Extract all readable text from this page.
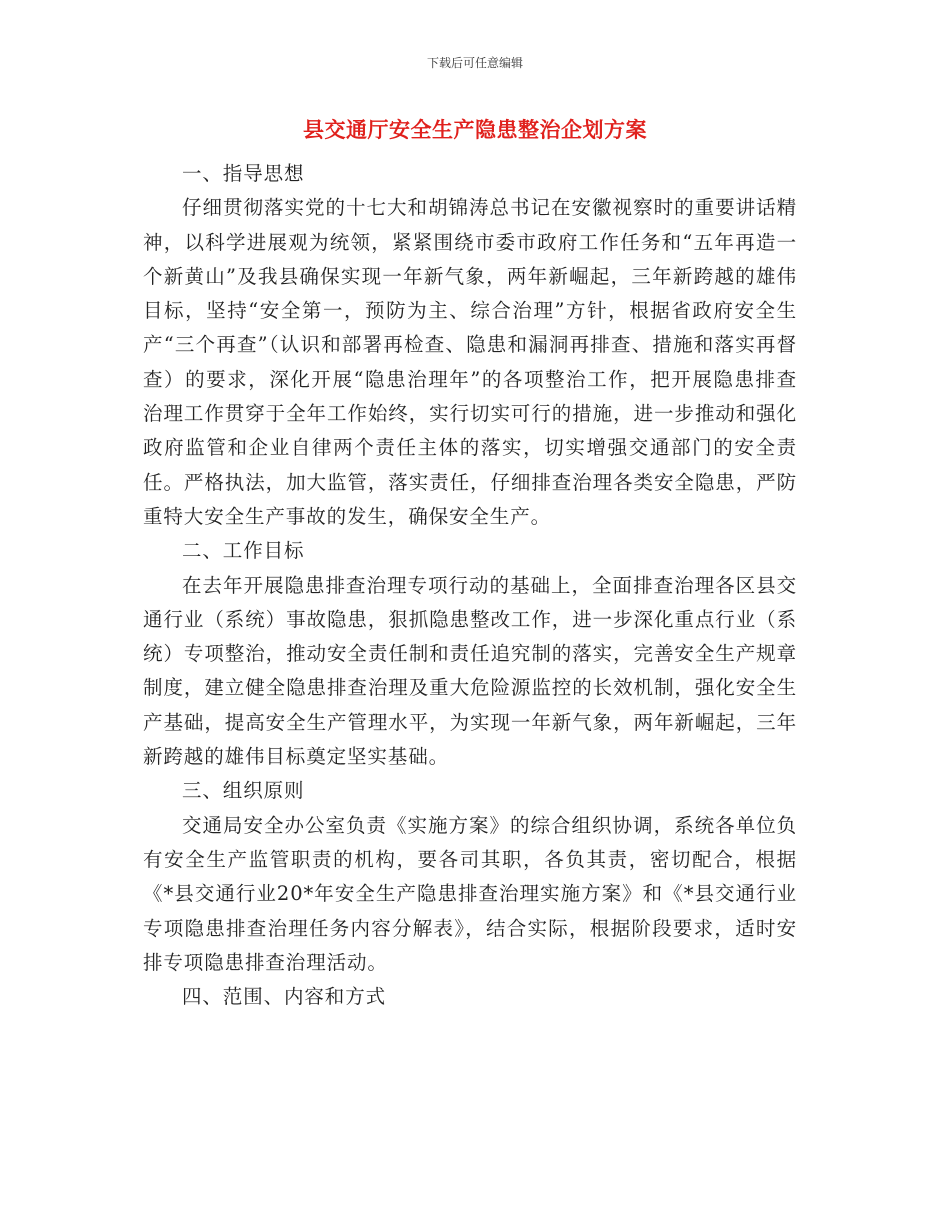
下载后可任意编辑
县交通厅安全生产隐患整治企划方案

一、指导思想

仔细贯彻落实党的十七大和胡锦涛总书记在安徽视察时的重要讲话精神，以科学进展观为统领，紧紧围绕市委市政府工作任务和“五年再造一个新黄山”及我县确保实现一年新气象，两年新崛起，三年新跨越的雄伟目标，坚持“安全第一，预防为主、综合治理”方针，根据省政府安全生产“三个再查”（认识和部署再检查、隐患和漏洞再排查、措施和落实再督查）的要求，深化开展“隐患治理年”的各项整治工作，把开展隐患排查治理工作贯穿于全年工作始终，实行切实可行的措施，进一步推动和强化政府监管和企业自律两个责任主体的落实，切实增强交通部门的安全责任。严格执法，加大监管，落实责任，仔细排查治理各类安全隐患，严防重特大安全生产事故的发生，确保安全生产。

二、工作目标

在去年开展隐患排查治理专项行动的基础上，全面排查治理各区县交通行业（系统）事故隐患，狠抓隐患整改工作，进一步深化重点行业（系统）专项整治，推动安全责任制和责任追究制的落实，完善安全生产规章制度，建立健全隐患排查治理及重大危险源监控的长效机制，强化安全生产基础，提高安全生产管理水平，为实现一年新气象，两年新崛起，三年新跨越的雄伟目标奠定坚实基础。

三、组织原则

交通局安全办公室负责《实施方案》的综合组织协调，系统各单位负有安全生产监管职责的机构，要各司其职，各负其责，密切配合，根据《*县交通行业20*年安全生产隐患排查治理实施方案》和《*县交通行业专项隐患排查治理任务内容分解表》，结合实际，根据阶段要求，适时安排专项隐患排查治理活动。

四、范围、内容和方式
